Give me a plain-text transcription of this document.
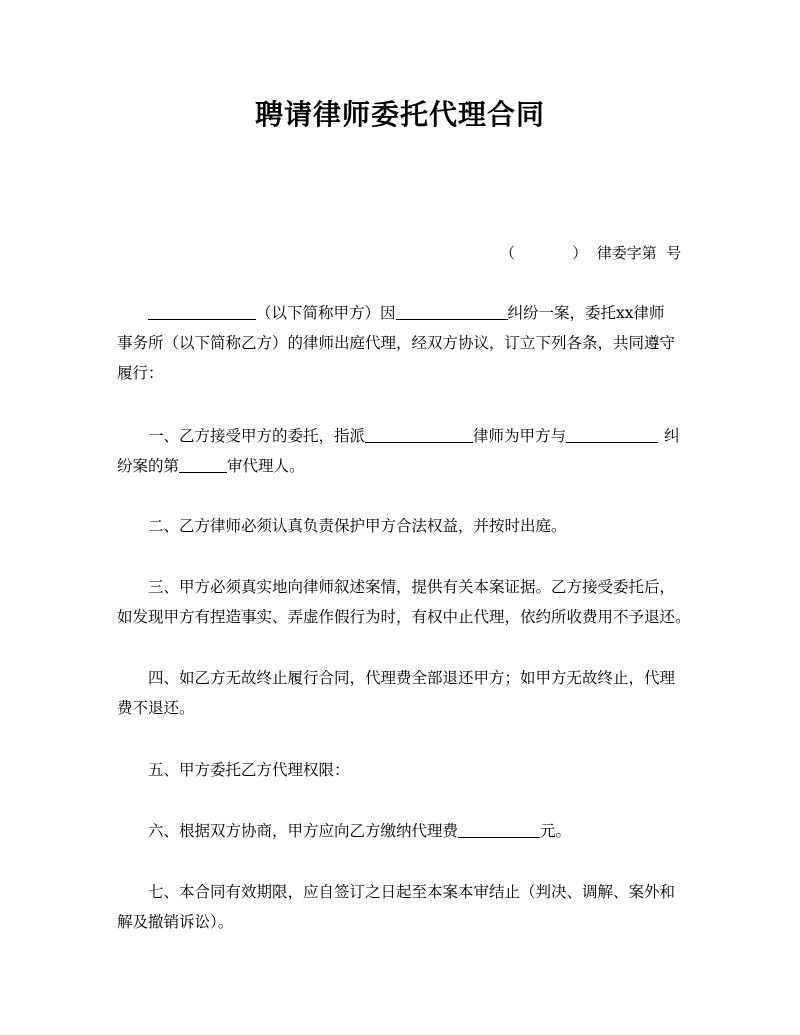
聘请律师委托代理合同
（            ）  律委字第  号

（以下简称甲方）因	纠纷一案，委托xx律师
事务所（以下简称乙方）的律师出庭代理，经双方协议，订立下列各条，共同遵守
履行：

一、乙方接受甲方的委托，指派	律师为甲方与	纠
纷案的第	审代理人。

二、乙方律师必须认真负责保护甲方合法权益，并按时出庭。

三、甲方必须真实地向律师叙述案情，提供有关本案证据。乙方接受委托后，
如发现甲方有捏造事实、弄虚作假行为时，有权中止代理，依约所收费用不予退还。

四、如乙方无故终止履行合同，代理费全部退还甲方；如甲方无故终止，代理
费不退还。

五、甲方委托乙方代理权限：

六、根据双方协商，甲方应向乙方缴纳代理费	元。

七、本合同有效期限，应自签订之日起至本案本审结止（判决、调解、案外和
解及撤销诉讼）。
